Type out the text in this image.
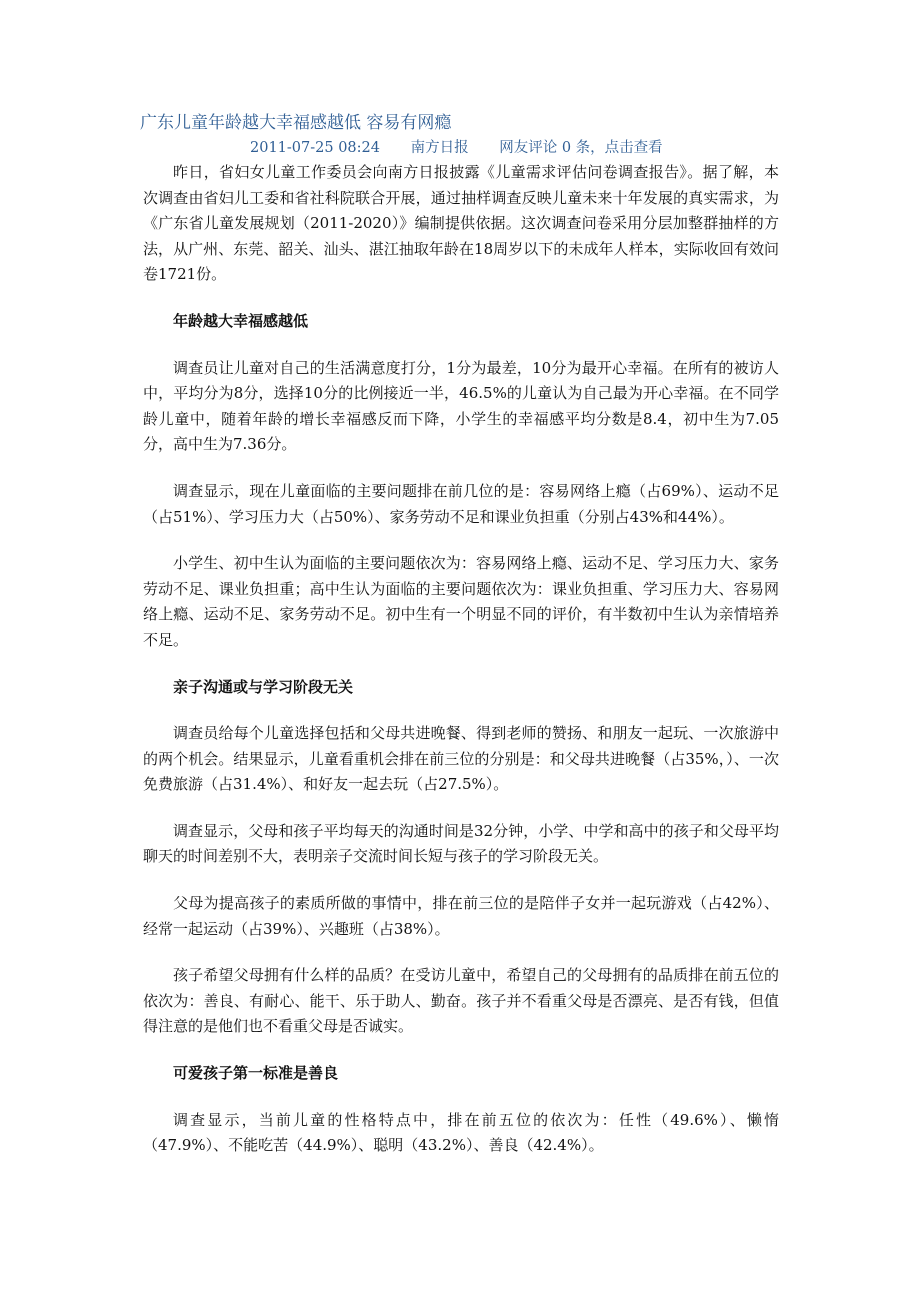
广东儿童年龄越大幸福感越低 容易有网瘾
2011-07-25 08:24 南方日报 网友评论 0 条，点击查看

昨日，省妇女儿童工作委员会向南方日报披露《儿童需求评估问卷调查报告》。据了解，本次调查由省妇儿工委和省社科院联合开展，通过抽样调查反映儿童未来十年发展的真实需求，为《广东省儿童发展规划（2011-2020）》编制提供依据。这次调查问卷采用分层加整群抽样的方法，从广州、东莞、韶关、汕头、湛江抽取年龄在18周岁以下的未成年人样本，实际收回有效问卷1721份。

年龄越大幸福感越低

调查员让儿童对自己的生活满意度打分，1分为最差，10分为最开心幸福。在所有的被访人中，平均分为8分，选择10分的比例接近一半，46.5%的儿童认为自己最为开心幸福。在不同学龄儿童中，随着年龄的增长幸福感反而下降，小学生的幸福感平均分数是8.4，初中生为7.05分，高中生为7.36分。

调查显示，现在儿童面临的主要问题排在前几位的是：容易网络上瘾（占69%）、运动不足（占51%）、学习压力大（占50%）、家务劳动不足和课业负担重（分别占43%和44%）。

小学生、初中生认为面临的主要问题依次为：容易网络上瘾、运动不足、学习压力大、家务劳动不足、课业负担重；高中生认为面临的主要问题依次为：课业负担重、学习压力大、容易网络上瘾、运动不足、家务劳动不足。初中生有一个明显不同的评价，有半数初中生认为亲情培养不足。

亲子沟通或与学习阶段无关

调查员给每个儿童选择包括和父母共进晚餐、得到老师的赞扬、和朋友一起玩、一次旅游中的两个机会。结果显示，儿童看重机会排在前三位的分别是：和父母共进晚餐（占35%，）、一次免费旅游（占31.4%）、和好友一起去玩（占27.5%）。

调查显示，父母和孩子平均每天的沟通时间是32分钟，小学、中学和高中的孩子和父母平均聊天的时间差别不大，表明亲子交流时间长短与孩子的学习阶段无关。

父母为提高孩子的素质所做的事情中，排在前三位的是陪伴子女并一起玩游戏（占42%）、经常一起运动（占39%）、兴趣班（占38%）。

孩子希望父母拥有什么样的品质？在受访儿童中，希望自己的父母拥有的品质排在前五位的依次为：善良、有耐心、能干、乐于助人、勤奋。孩子并不看重父母是否漂亮、是否有钱，但值得注意的是他们也不看重父母是否诚实。

可爱孩子第一标准是善良

调查显示，当前儿童的性格特点中，排在前五位的依次为：任性（49.6%）、懒惰（47.9%）、不能吃苦（44.9%）、聪明（43.2%）、善良（42.4%）。
